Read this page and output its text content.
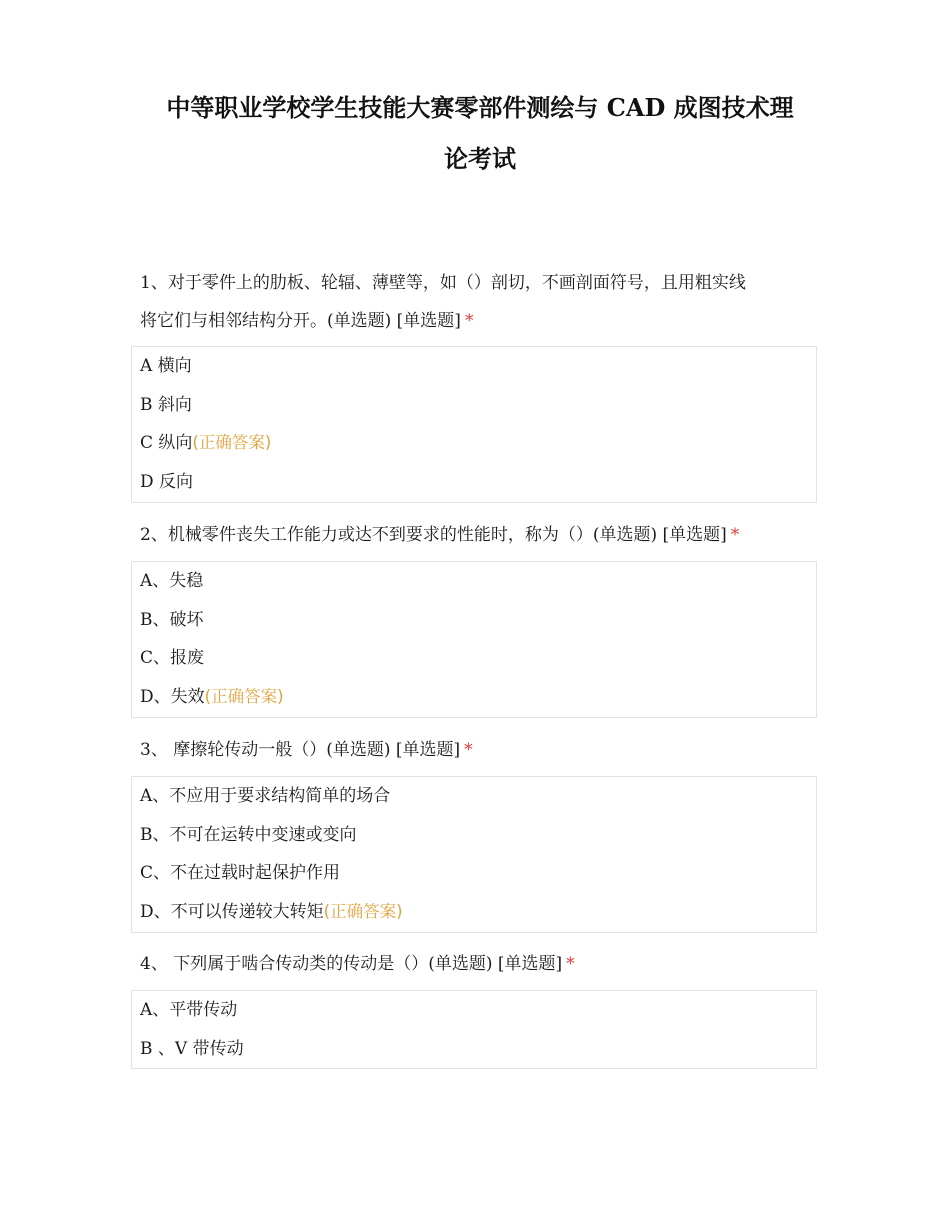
中等职业学校学生技能大赛零部件测绘与 CAD 成图技术理
论考试
1、对于零件上的肋板、轮辐、薄壁等，如（）剖切，不画剖面符号，且用粗实线
将它们与相邻结构分开。(单选题) [单选题] *
A 横向
B 斜向
C 纵向(正确答案)
D 反向
2、机械零件丧失工作能力或达不到要求的性能时，称为（）(单选题) [单选题] *
A、失稳
B、破坏
C、报废
D、失效(正确答案)
3、 摩擦轮传动一般（）(单选题) [单选题] *
A、不应用于要求结构简单的场合
B、不可在运转中变速或变向
C、不在过载时起保护作用
D、不可以传递较大转矩(正确答案)
4、 下列属于啮合传动类的传动是（）(单选题) [单选题] *
A、平带传动
B 、V 带传动
